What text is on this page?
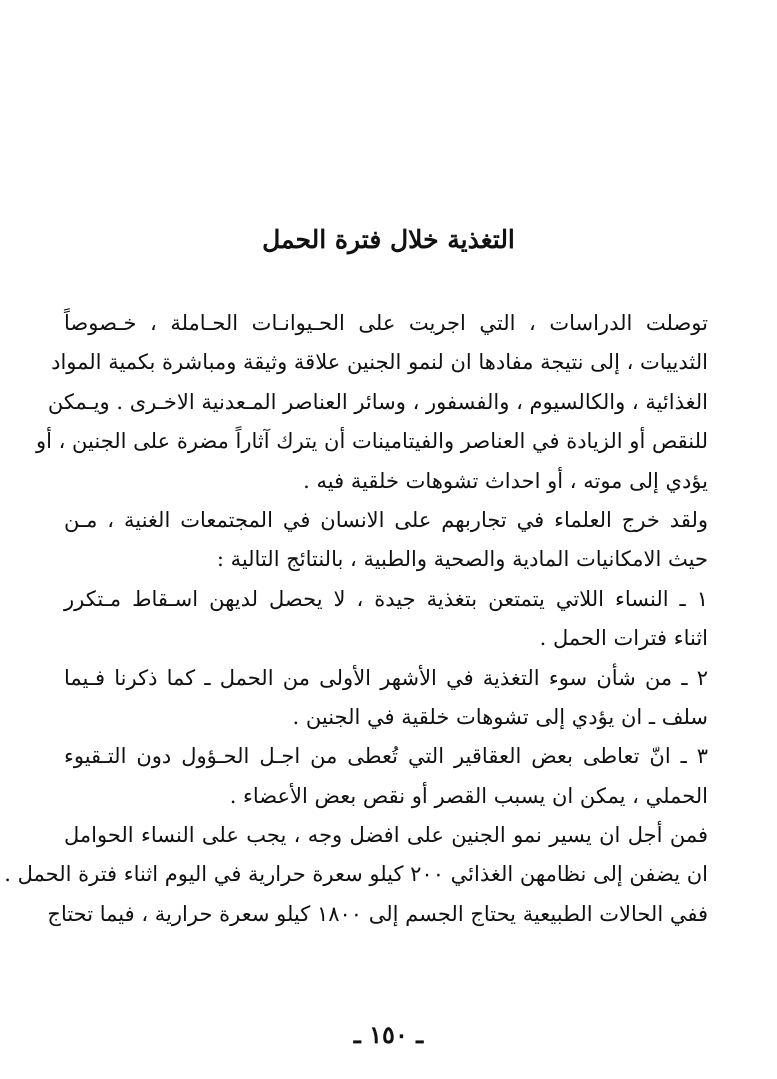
التغذية خلال فترة الحمل
توصلت الدراسات ، التي اجريت على الحـيوانـات الحـاملة ، خـصوصاً
الثدييات ، إلى نتيجة مفادها ان لنمو الجنين علاقة وثيقة ومباشرة بكمية المواد
الغذائية ، والكالسيوم ، والفسفور ، وسائر العناصر المـعدنية الاخـرى . ويـمكن
للنقص أو الزيادة في العناصر والفيتامينات أن يترك آثاراً مضرة على الجنين ، أو
يؤدي إلى موته ، أو احداث تشوهات خلقية فيه .
ولقد خرج العلماء في تجاربهم على الانسان في المجتمعات الغنية ، مـن
حيث الامكانيات المادية والصحية والطبية ، بالنتائج التالية :
١ ـ النساء اللاتي يتمتعن بتغذية جيدة ، لا يحصل لديهن اسـقاط مـتكرر
اثناء فترات الحمل .
٢ ـ من شأن سوء التغذية في الأشهر الأولى من الحمل ـ كما ذكرنا فـيما
سلف ـ ان يؤدي إلى تشوهات خلقية في الجنين .
٣ ـ انّ تعاطى بعض العقاقير التي تُعطى من اجـل الحـؤول دون التـقيوء
الحملي ، يمكن ان يسبب القصر أو نقص بعض الأعضاء .
فمن أجل ان يسير نمو الجنين على افضل وجه ، يجب على النساء الحوامل
ان يضفن إلى نظامهن الغذائي ٢٠٠ كيلو سعرة حرارية في اليوم اثناء فترة الحمل .
ففي الحالات الطبيعية يحتاج الجسم إلى ١٨٠٠ كيلو سعرة حرارية ، فيما تحتاج
ـ ١٥٠ ـ
